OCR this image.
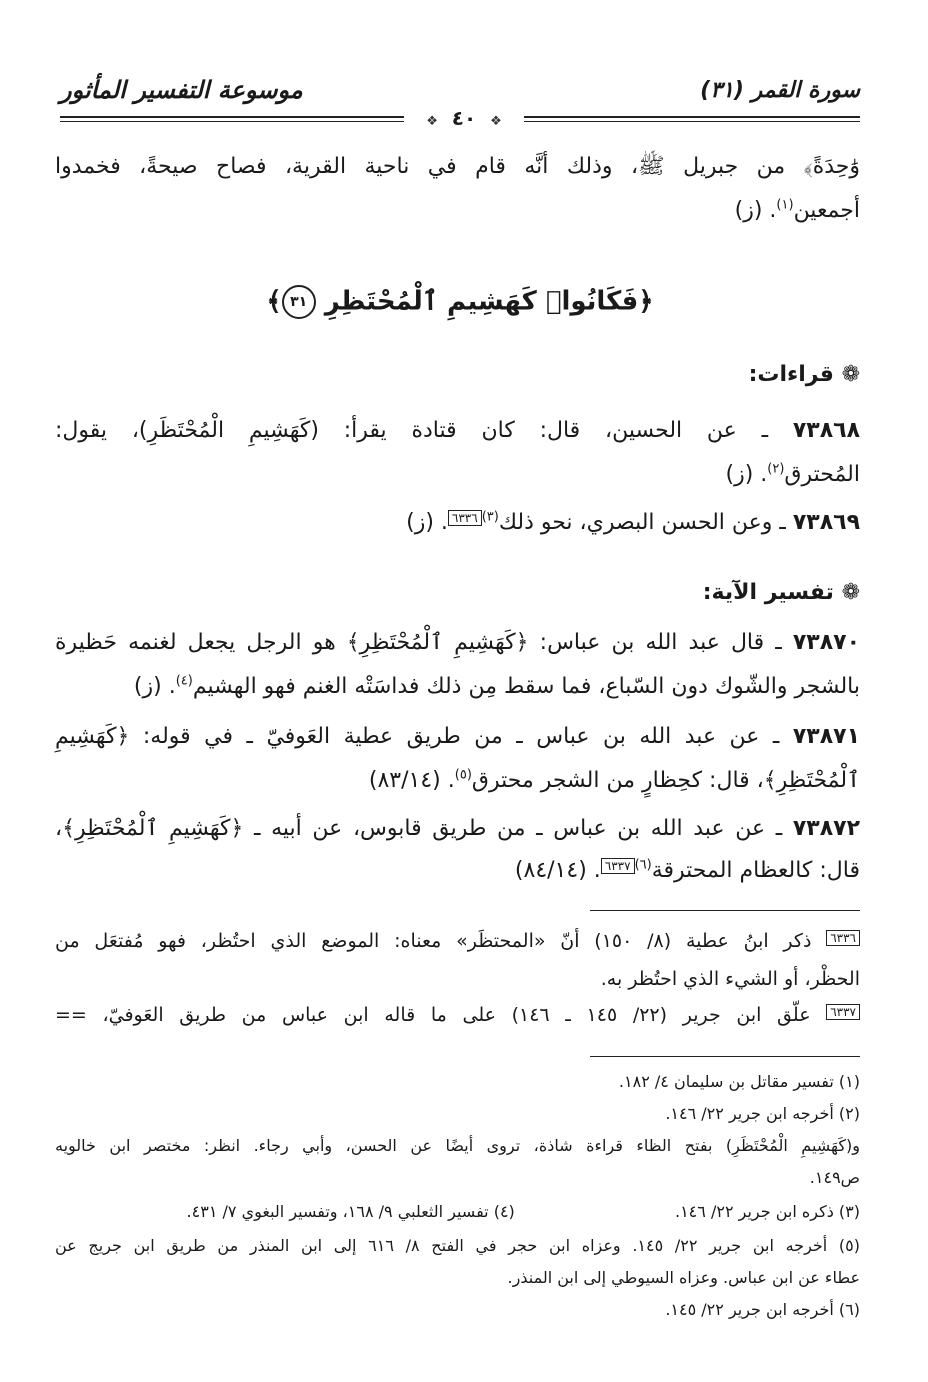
سورة القمر (٣١)
موسوعة التفسير المأثور
❖ ٤٠ ❖
وَٰحِدَةً﴾ من جبريل ﷺ، وذلك أنَّه قام في ناحية القرية، فصاح صيحةً، فخمدوا
أجمعين$^{(١)}$. (ز)
﴿فَكَانُوا۟ كَهَشِيمِ ٱلْمُحْتَظِرِ ٣١﴾
❁ قراءات:
٧٣٨٦٨ ـ عن الحسين، قال: كان قتادة يقرأ: (كَهَشِيمِ الْمُحْتَظَرِ)، يقول:
المُحترق$^{(٢)}$. (ز)
٧٣٨٦٩ ـ وعن الحسن البصري، نحو ذلك$^{(٣)}$٦٣٣٦. (ز)
❁ تفسير الآية:
٧٣٨٧٠ ـ قال عبد الله بن عباس: ﴿كَهَشِيمِ ٱلْمُحْتَظِرِ﴾ هو الرجل يجعل لغنمه حَظيرة
بالشجر والشّوك دون السّباع، فما سقط مِن ذلك فداسَتْه الغنم فهو الهشيم$^{(٤)}$. (ز)
٧٣٨٧١ ـ عن عبد الله بن عباس ـ من طريق عطية العَوفيّ ـ في قوله: ﴿كَهَشِيمِ
ٱلْمُحْتَظِرِ﴾، قال: كحِظارٍ من الشجر محترق$^{(٥)}$. (٨٣/١٤)
٧٣٨٧٢ ـ عن عبد الله بن عباس ـ من طريق قابوس، عن أبيه ـ ﴿كَهَشِيمِ ٱلْمُحْتَظِرِ﴾،
قال: كالعظام المحترقة$^{(٦)}$٦٣٣٧. (٨٤/١٤)
٦٣٣٦ ذكر ابنُ عطية (٨/ ١٥٠) أنّ «المحتظَر» معناه: الموضع الذي احتُظر، فهو مُفتعَل من
الحظْر، أو الشيء الذي احتُظر به.
٦٣٣٧ علّق ابن جرير (٢٢/ ١٤٥ ـ ١٤٦) على ما قاله ابن عباس من طريق العَوفيّ، ==
(١) تفسير مقاتل بن سليمان ٤/ ١٨٢.
(٢) أخرجه ابن جرير ٢٢/ ١٤٦.
و(كَهَشِيمِ الْمُحْتَظَرِ) بفتح الظاء قراءة شاذة، تروى أيضًا عن الحسن، وأبي رجاء. انظر: مختصر ابن خالويه
ص١٤٩.
(٣) ذكره ابن جرير ٢٢/ ١٤٦.  (٤) تفسير الثعلبي ٩/ ١٦٨، وتفسير البغوي ٧/ ٤٣١.
(٥) أخرجه ابن جرير ٢٢/ ١٤٥. وعزاه ابن حجر في الفتح ٨/ ٦١٦ إلى ابن المنذر من طريق ابن جريج عن
عطاء عن ابن عباس. وعزاه السيوطي إلى ابن المنذر.
(٦) أخرجه ابن جرير ٢٢/ ١٤٥.
